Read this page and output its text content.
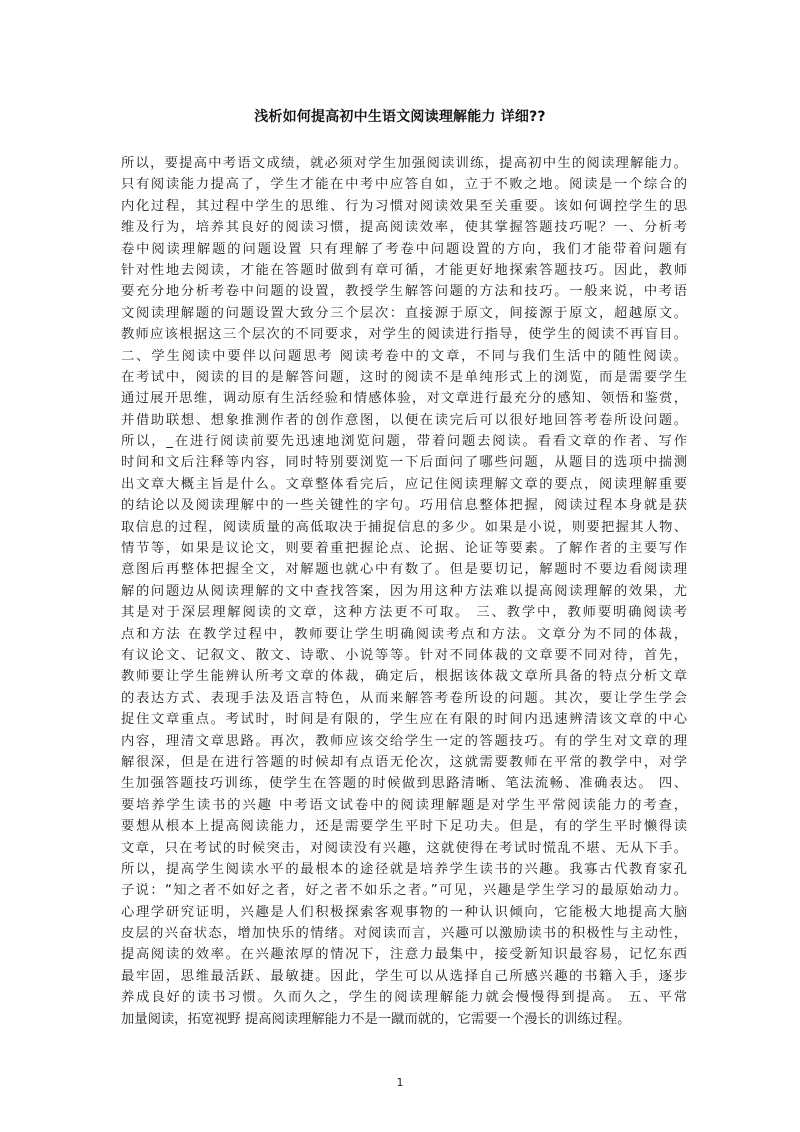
浅析如何提高初中生语文阅读理解能力 详细??
所以，要提高中考语文成绩，就必须对学生加强阅读训练，提高初中生的阅读理解能力。
只有阅读能力提高了，学生才能在中考中应答自如，立于不败之地。阅读是一个综合的
内化过程，其过程中学生的思维、行为习惯对阅读效果至关重要。该如何调控学生的思
维及行为，培养其良好的阅读习惯，提高阅读效率，使其掌握答题技巧呢？一、分析考
卷中阅读理解题的问题设置 只有理解了考卷中问题设置的方向，我们才能带着问题有
针对性地去阅读，才能在答题时做到有章可循，才能更好地探索答题技巧。因此，教师
要充分地分析考卷中问题的设置，教授学生解答问题的方法和技巧。一般来说，中考语
文阅读理解题的问题设置大致分三个层次：直接源于原文，间接源于原文，超越原文。
教师应该根据这三个层次的不同要求，对学生的阅读进行指导，使学生的阅读不再盲目。
二、学生阅读中要伴以问题思考 阅读考卷中的文章，不同与我们生活中的随性阅读。
在考试中，阅读的目的是解答问题，这时的阅读不是单纯形式上的浏览，而是需要学生
通过展开思维，调动原有生活经验和情感体验，对文章进行最充分的感知、领悟和鉴赏，
并借助联想、想象推测作者的创作意图，以便在读完后可以很好地回答考卷所设问题。
所以，_在进行阅读前要先迅速地浏览问题，带着问题去阅读。看看文章的作者、写作
时间和文后注释等内容，同时特别要浏览一下后面问了哪些问题，从题目的选项中揣测
出文章大概主旨是什么。文章整体看完后，应记住阅读理解文章的要点，阅读理解重要
的结论以及阅读理解中的一些关键性的字句。巧用信息整体把握，阅读过程本身就是获
取信息的过程，阅读质量的高低取决于捕捉信息的多少。如果是小说，则要把握其人物、
情节等，如果是议论文，则要着重把握论点、论据、论证等要素。了解作者的主要写作
意图后再整体把握全文，对解题也就心中有数了。但是要切记，解题时不要边看阅读理
解的问题边从阅读理解的文中查找答案，因为用这种方法难以提高阅读理解的效果，尤
其是对于深层理解阅读的文章，这种方法更不可取。 三、教学中，教师要明确阅读考
点和方法 在教学过程中，教师要让学生明确阅读考点和方法。文章分为不同的体裁，
有议论文、记叙文、散文、诗歌、小说等等。针对不同体裁的文章要不同对待，首先，
教师要让学生能辨认所考文章的体裁，确定后，根据该体裁文章所具备的特点分析文章
的表达方式、表现手法及语言特色，从而来解答考卷所设的问题。其次，要让学生学会
捉住文章重点。考试时，时间是有限的，学生应在有限的时间内迅速辨清该文章的中心
内容，理清文章思路。再次，教师应该交给学生一定的答题技巧。有的学生对文章的理
解很深，但是在进行答题的时候却有点语无伦次，这就需要教师在平常的教学中，对学
生加强答题技巧训练，使学生在答题的时候做到思路清晰、笔法流畅、准确表达。 四、
要培养学生读书的兴趣 中考语文试卷中的阅读理解题是对学生平常阅读能力的考查，
要想从根本上提高阅读能力，还是需要学生平时下足功夫。但是，有的学生平时懒得读
文章，只在考试的时候突击，对阅读没有兴趣，这就使得在考试时慌乱不堪、无从下手。
所以，提高学生阅读水平的最根本的途径就是培养学生读书的兴趣。我寡古代教育家孔
子说：“知之者不如好之者，好之者不如乐之者。”可见，兴趣是学生学习的最原始动力。
心理学研究证明，兴趣是人们积极探索客观事物的一种认识倾向，它能极大地提高大脑
皮层的兴奋状态，增加快乐的情绪。对阅读而言，兴趣可以激励读书的积极性与主动性，
提高阅读的效率。在兴趣浓厚的情况下，注意力最集中，接受新知识最容易，记忆东西
最牢固，思维最活跃、最敏捷。因此，学生可以从选择自己所感兴趣的书籍入手，逐步
养成良好的读书习惯。久而久之，学生的阅读理解能力就会慢慢得到提高。 五、平常
加量阅读，拓宽视野 提高阅读理解能力不是一蹴而就的，它需要一个漫长的训练过程。
1
